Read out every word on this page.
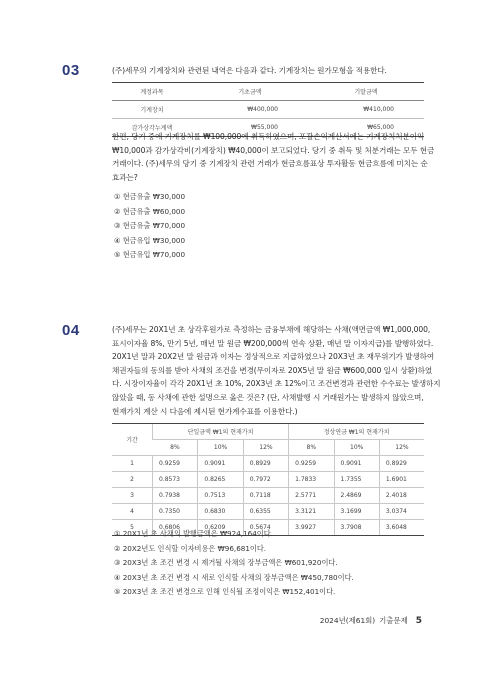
03	(주)세무의 기계장치와 관련된 내역은 다음과 같다. 기계장치는 원가모형을 적용한다.
계정과목	기초금액	기말금액
기계장치	₩400,000	₩410,000
감가상각누계액	₩55,000	₩65,000
한편, 당기 중에 기계장치를 ₩100,000에 취득하였으며, 포괄손익계산서에는 기계장치처분이익
₩10,000과 감가상각비(기계장치) ₩40,000이 보고되었다. 당기 중 취득 및 처분거래는 모두 현금
거래이다. (주)세무의 당기 중 기계장치 관련 거래가 현금흐름표상 투자활동 현금흐름에 미치는 순
효과는?
① 현금유출 ₩30,000
② 현금유출 ₩60,000
③ 현금유출 ₩70,000
④ 현금유입 ₩30,000
⑤ 현금유입 ₩70,000
04	(주)세무는 20X1년 초 상각후원가로 측정하는 금융부채에 해당하는 사채(액면금액 ₩1,000,000,
표시이자율 8%, 만기 5년, 매년 말 원금 ₩200,000씩 연속 상환, 매년 말 이자지급)를 발행하였다.
20X1년 말과 20X2년 말 원금과 이자는 정상적으로 지급하였으나 20X3년 초 재무위기가 발생하여
채권자들의 동의를 받아 사채의 조건을 변경(무이자로 20X5년 말 원금 ₩600,000 일시 상환)하였
다. 시장이자율이 각각 20X1년 초 10%, 20X3년 초 12%이고 조건변경과 관련한 수수료는 발생하지
않았을 때, 동 사채에 관한 설명으로 옳은 것은? (단, 사채발행 시 거래원가는 발생하지 않았으며,
현재가치 계산 시 다음에 제시된 현가계수표를 이용한다.)
기간	단일금액 ₩1의 현재가치			정상연금 ₩1의 현재가치		
	8%	10%	12%	8%	10%	12%
1	0.9259	0.9091	0.8929	0.9259	0.9091	0.8929
2	0.8573	0.8265	0.7972	1.7833	1.7355	1.6901
3	0.7938	0.7513	0.7118	2.5771	2.4869	2.4018
4	0.7350	0.6830	0.6355	3.3121	3.1699	3.0374
5	0.6806	0.6209	0.5674	3.9927	3.7908	3.6048
① 20X1년 초 사채의 발행금액은 ₩924,164이다.
② 20X2년도 인식할 이자비용은 ₩96,681이다.
③ 20X3년 초 조건 변경 시 제거될 사채의 장부금액은 ₩601,920이다.
④ 20X3년 초 조건 변경 시 새로 인식할 사채의 장부금액은 ₩450,780이다.
⑤ 20X3년 초 조건 변경으로 인해 인식될 조정이익은 ₩152,401이다.
2024년(제61회) 기출문제 5
